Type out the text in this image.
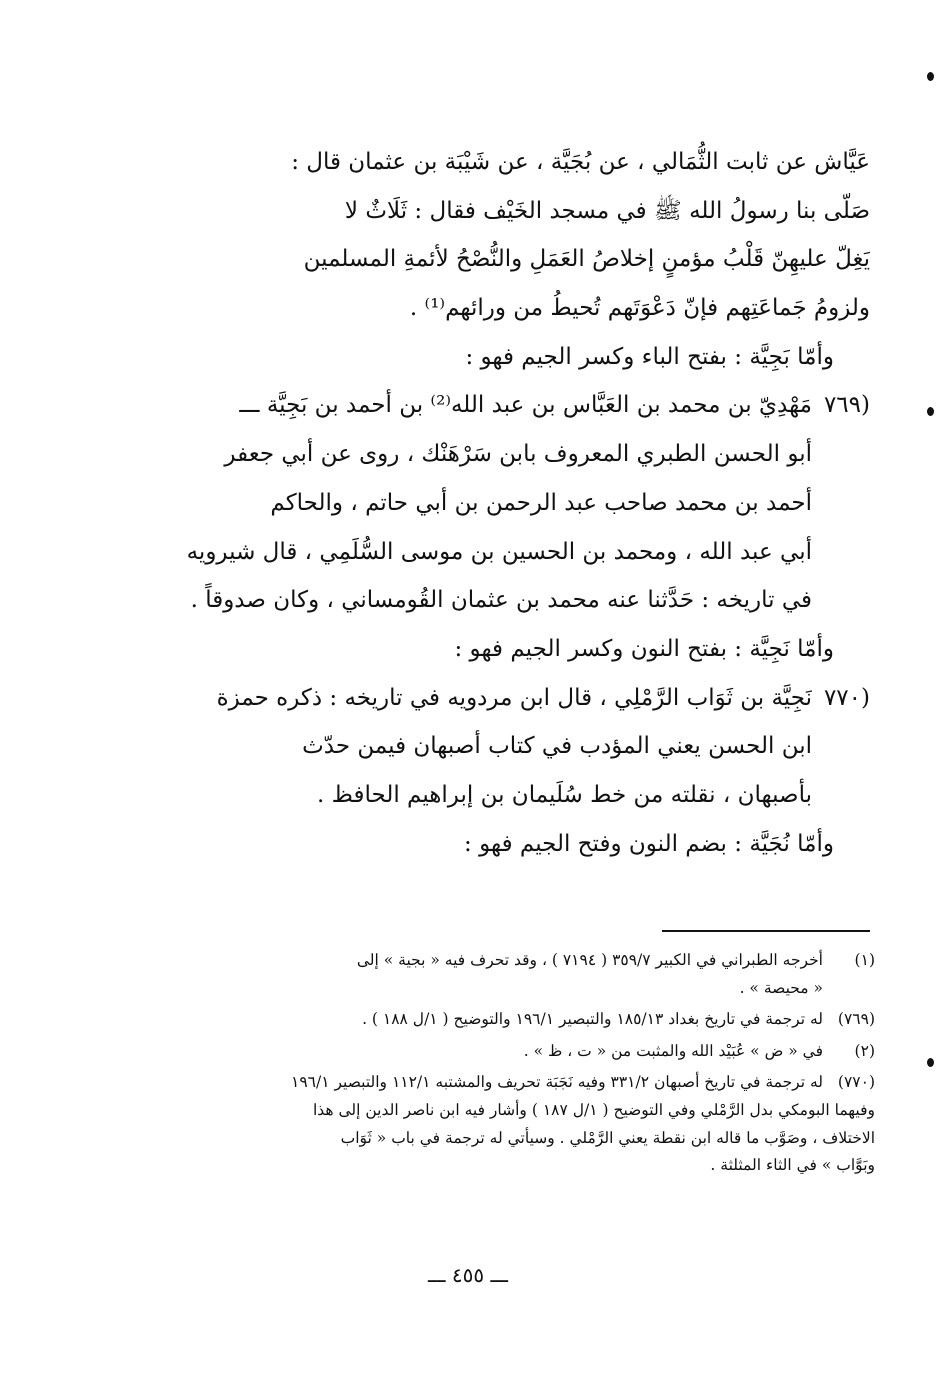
عَيَّاش عن ثابت الثُّمَالي ، عن بُجَيَّة ، عن شَيْبَة بن عثمان قال :
صَلّى بنا رسولُ الله ﷺ في مسجد الخَيْف فقال : ثَلَاثٌ لا
يَغِلّ عليهِنّ قَلْبُ مؤمنٍ إخلاصُ العَمَلِ والنُّصْحُ لأئمةِ المسلمين
ولزومُ جَماعَتِهم فإنّ دَعْوَتَهم تُحيطُ من ورائهم⁽¹⁾ .
وأمّا بَجِيَّة : بفتح الباء وكسر الجيم فهو :
(٧٦٩
مَهْدِيّ بن محمد بن العَبَّاس بن عبد الله⁽²⁾ بن أحمد بن بَجِيَّة ـــ
أبو الحسن الطبري المعروف بابن سَرْهَنْك ، روى عن أبي جعفر
أحمد بن محمد صاحب عبد الرحمن بن أبي حاتم ، والحاكم
أبي عبد الله ، ومحمد بن الحسين بن موسى السُّلَمِي ، قال شيرويه
في تاريخه : حَدَّثنا عنه محمد بن عثمان القُومساني ، وكان صدوقاً .
وأمّا نَجِيَّة : بفتح النون وكسر الجيم فهو :
(٧٧٠
نَجِيَّة بن ثَوَاب الرَّمْلِي ، قال ابن مردويه في تاريخه : ذكره حمزة
ابن الحسن يعني المؤدب في كتاب أصبهان فيمن حدّث
بأصبهان ، نقلته من خط سُلَيمان بن إبراهيم الحافظ .
وأمّا نُجَيَّة : بضم النون وفتح الجيم فهو :
(١)أخرجه الطبراني في الكبير ٣٥٩/٧ ( ٧١٩٤ ) ، وقد تحرف فيه « بجية » إلى
« محيصة » .
(٧٦٩)له ترجمة في تاريخ بغداد ١٨٥/١٣ والتبصير ١٩٦/١ والتوضيح ( ١/ل ١٨٨ ) .
(٢)في « ض » عُبَيْد الله والمثبت من « ت ، ظ » .
(٧٧٠)له ترجمة في تاريخ أصبهان ٣٣١/٢ وفيه نَجَبَة تحريف والمشتبه ١١٢/١ والتبصير ١٩٦/١
وفيهما البومكي بدل الرَّمْلي وفي التوضيح ( ١/ل ١٨٧ ) وأشار فيه ابن ناصر الدين إلى هذا
الاختلاف ، وصَوَّب ما قاله ابن نقطة يعني الرَّمْلي . وسيأتي له ترجمة في باب « ثَوَاب
وبَوَّاب » في الثاء المثلثة .
ـــ ٤٥٥ ـــ
